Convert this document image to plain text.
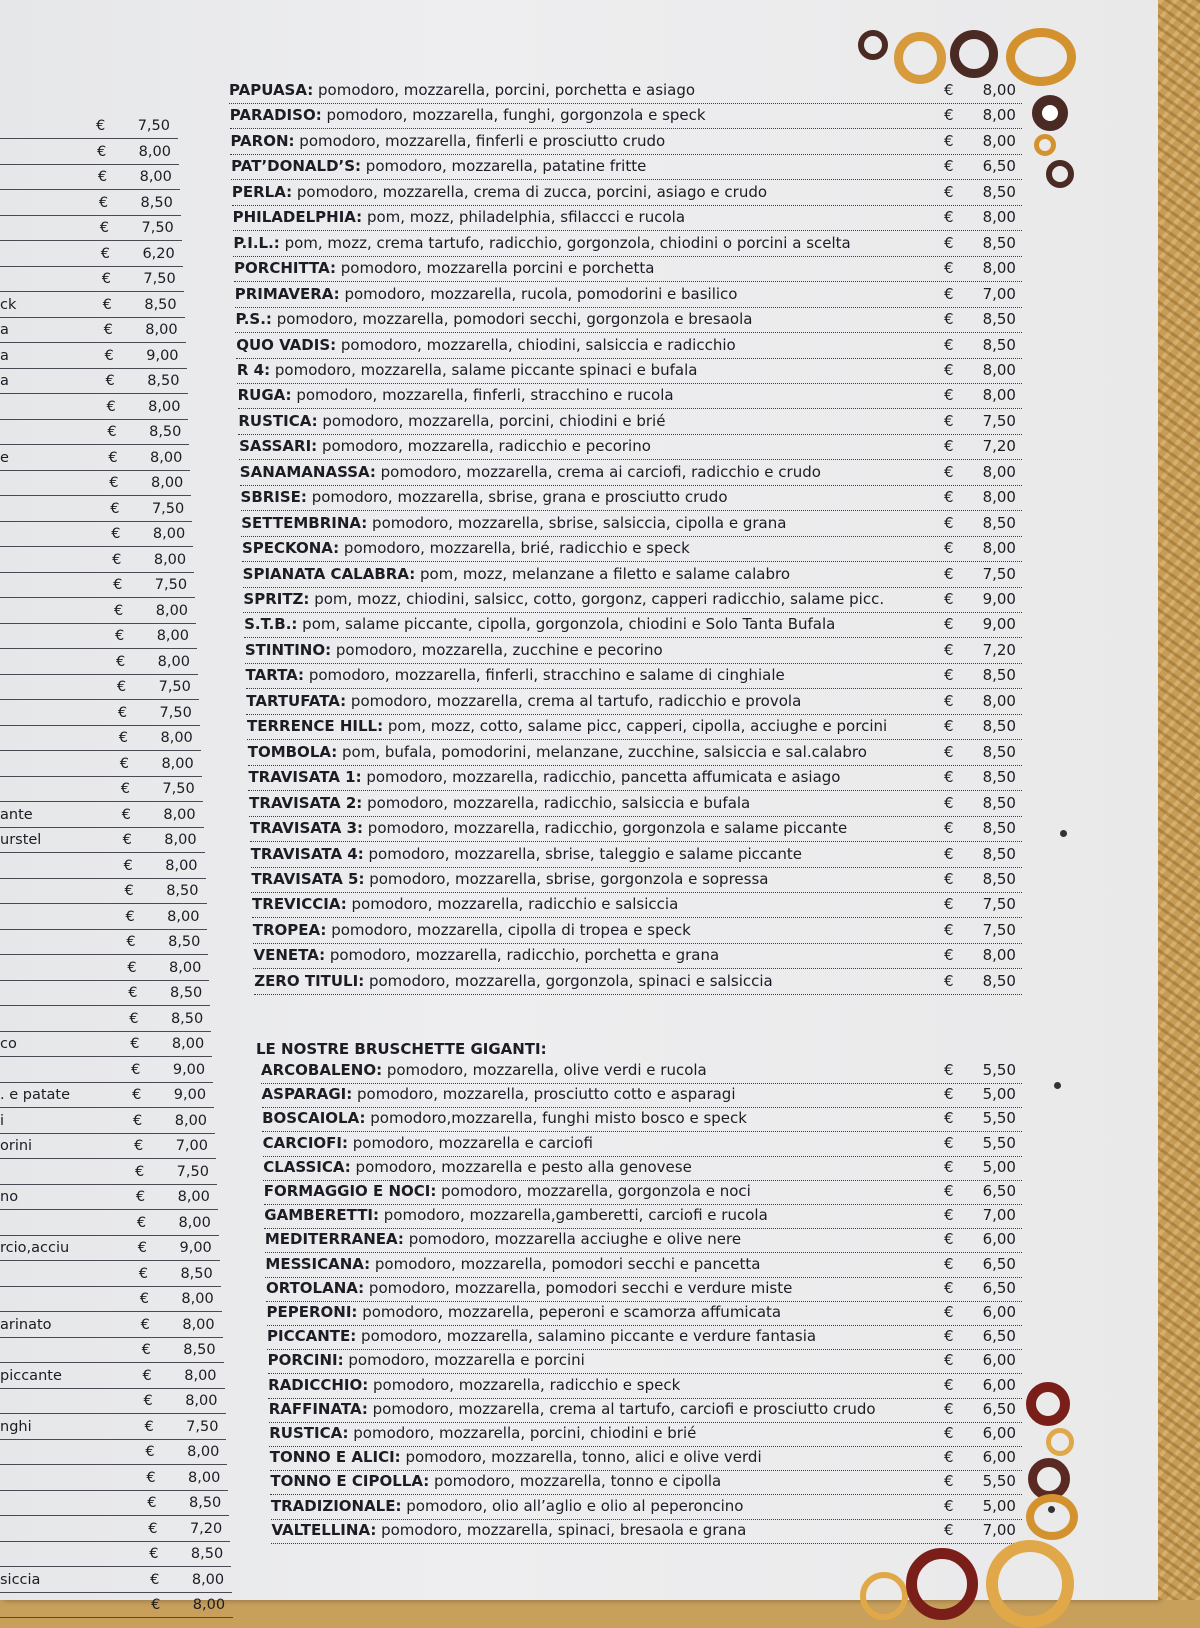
€	7,50
€	8,00
€	8,00
€	8,50
€	7,50
€	6,20
€	7,50
ck	€	8,50
a	€	8,00
a	€	9,00
a	€	8,50
€	8,00
€	8,50
e	€	8,00
€	8,00
€	7,50
€	8,00
€	8,00
€	7,50
€	8,00
€	8,00
€	8,00
€	7,50
€	7,50
€	8,00
€	8,00
€	7,50
ante	€	8,00
urstel	€	8,00
€	8,00
€	8,50
€	8,00
€	8,50
€	8,00
€	8,50
€	8,50
co	€	8,00
€	9,00
. e patate	€	9,00
i	€	8,00
orini	€	7,00
€	7,50
no	€	8,00
€	8,00
rcio,acciu	€	9,00
€	8,50
€	8,00
arinato	€	8,00
€	8,50
piccante	€	8,00
€	8,00
nghi	€	7,50
€	8,00
€	8,00
€	8,50
€	7,20
€	8,50
siccia	€	8,00
€	8,00
PAPUASA: pomodoro, mozzarella, porcini, porchetta e asiago	€ 8,00
PARADISO: pomodoro, mozzarella, funghi, gorgonzola e speck	€ 8,00
PARON: pomodoro, mozzarella, finferli e prosciutto crudo	€ 8,00
PAT’DONALD’S: pomodoro, mozzarella, patatine fritte	€ 6,50
PERLA: pomodoro, mozzarella, crema di zucca, porcini, asiago e crudo	€ 8,50
PHILADELPHIA: pom, mozz, philadelphia, sfilaccci e rucola	€ 8,00
P.I.L.: pom, mozz, crema tartufo, radicchio, gorgonzola, chiodini o porcini a scelta	€ 8,50
PORCHITTA: pomodoro, mozzarella porcini e porchetta	€ 8,00
PRIMAVERA: pomodoro, mozzarella, rucola, pomodorini e basilico	€ 7,00
P.S.: pomodoro, mozzarella, pomodori secchi, gorgonzola e bresaola	€ 8,50
QUO VADIS: pomodoro, mozzarella, chiodini, salsiccia e radicchio	€ 8,50
R 4: pomodoro, mozzarella, salame piccante spinaci e bufala	€ 8,00
RUGA: pomodoro, mozzarella, finferli, stracchino e rucola	€ 8,00
RUSTICA: pomodoro, mozzarella, porcini, chiodini e brié	€ 7,50
SASSARI: pomodoro, mozzarella, radicchio e pecorino	€ 7,20
SANAMANASSA: pomodoro, mozzarella, crema ai carciofi, radicchio e crudo	€ 8,00
SBRISE: pomodoro, mozzarella, sbrise, grana e prosciutto crudo	€ 8,00
SETTEMBRINA: pomodoro, mozzarella, sbrise, salsiccia, cipolla e grana	€ 8,50
SPECKONA: pomodoro, mozzarella, brié, radicchio e speck	€ 8,00
SPIANATA CALABRA: pom, mozz, melanzane a filetto e salame calabro	€ 7,50
SPRITZ: pom, mozz, chiodini, salsicc, cotto, gorgonz, capperi radicchio, salame picc.	€ 9,00
S.T.B.: pom, salame piccante, cipolla, gorgonzola, chiodini e Solo Tanta Bufala	€ 9,00
STINTINO: pomodoro, mozzarella, zucchine e pecorino	€ 7,20
TARTA: pomodoro, mozzarella, finferli, stracchino e salame di cinghiale	€ 8,50
TARTUFATA: pomodoro, mozzarella, crema al tartufo, radicchio e provola	€ 8,00
TERRENCE HILL: pom, mozz, cotto, salame picc, capperi, cipolla, acciughe e porcini	€ 8,50
TOMBOLA: pom, bufala, pomodorini, melanzane, zucchine, salsiccia e sal.calabro	€ 8,50
TRAVISATA 1: pomodoro, mozzarella, radicchio, pancetta affumicata e asiago	€ 8,50
TRAVISATA 2: pomodoro, mozzarella, radicchio, salsiccia e bufala	€ 8,50
TRAVISATA 3: pomodoro, mozzarella, radicchio, gorgonzola e salame piccante	€ 8,50
TRAVISATA 4: pomodoro, mozzarella, sbrise, taleggio e salame piccante	€ 8,50
TRAVISATA 5: pomodoro, mozzarella, sbrise, gorgonzola e sopressa	€ 8,50
TREVICCIA: pomodoro, mozzarella, radicchio e salsiccia	€ 7,50
TROPEA: pomodoro, mozzarella, cipolla di tropea e speck	€ 7,50
VENETA: pomodoro, mozzarella, radicchio, porchetta e grana	€ 8,00
ZERO TITULI: pomodoro, mozzarella, gorgonzola, spinaci e salsiccia	€ 8,50
LE NOSTRE BRUSCHETTE GIGANTI:
ARCOBALENO: pomodoro, mozzarella, olive verdi e rucola	€ 5,50
ASPARAGI: pomodoro, mozzarella, prosciutto cotto e asparagi	€ 5,00
BOSCAIOLA: pomodoro,mozzarella, funghi misto bosco e speck	€ 5,50
CARCIOFI: pomodoro, mozzarella e carciofi	€ 5,50
CLASSICA: pomodoro, mozzarella e pesto alla genovese	€ 5,00
FORMAGGIO E NOCI: pomodoro, mozzarella, gorgonzola e noci	€ 6,50
GAMBERETTI: pomodoro, mozzarella,gamberetti, carciofi e rucola	€ 7,00
MEDITERRANEA: pomodoro, mozzarella acciughe e olive nere	€ 6,00
MESSICANA: pomodoro, mozzarella, pomodori secchi e pancetta	€ 6,50
ORTOLANA: pomodoro, mozzarella, pomodori secchi e verdure miste	€ 6,50
PEPERONI: pomodoro, mozzarella, peperoni e scamorza affumicata	€ 6,00
PICCANTE: pomodoro, mozzarella, salamino piccante e verdure fantasia	€ 6,50
PORCINI: pomodoro, mozzarella e porcini	€ 6,00
RADICCHIO: pomodoro, mozzarella, radicchio e speck	€ 6,00
RAFFINATA: pomodoro, mozzarella, crema al tartufo, carciofi e prosciutto crudo	€ 6,50
RUSTICA: pomodoro, mozzarella, porcini, chiodini e brié	€ 6,00
TONNO E ALICI: pomodoro, mozzarella, tonno, alici e olive verdi	€ 6,00
TONNO E CIPOLLA: pomodoro, mozzarella, tonno e cipolla	€ 5,50
TRADIZIONALE: pomodoro, olio all’aglio e olio al peperoncino	€ 5,00
VALTELLINA: pomodoro, mozzarella, spinaci, bresaola e grana	€ 7,00
